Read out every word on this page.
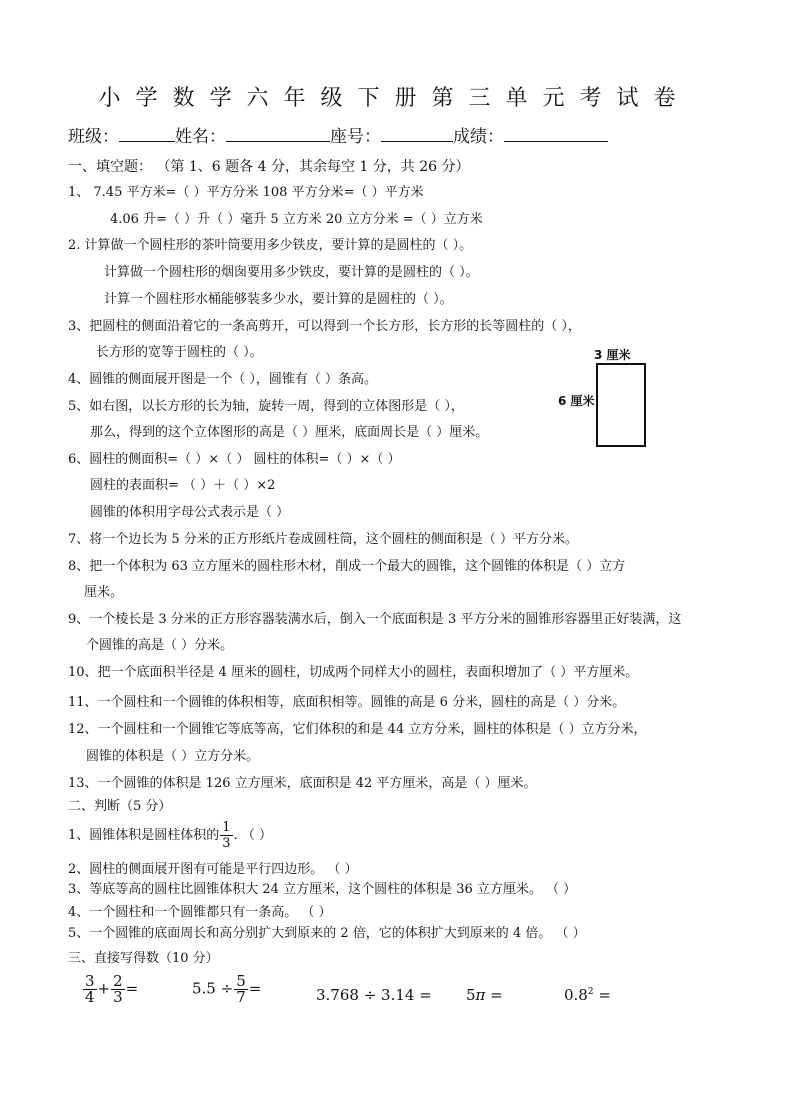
小学数学六年级下册第三单元考试卷
班级：	姓名：	座号：	成绩：
一、填空题： （第 1、6 题各 4 分，其余每空 1 分，共 26 分）
1、 7.45 平方米=（ ）平方分米 108 平方分米=（ ）平方米
4.06 升=（ ）升（ ）毫升 5 立方米 20 立方分米 =（ ）立方米
2. 计算做一个圆柱形的茶叶筒要用多少铁皮，要计算的是圆柱的（ ）。
计算做一个圆柱形的烟囱要用多少铁皮，要计算的是圆柱的（ ）。
计算一个圆柱形水桶能够装多少水，要计算的是圆柱的（ ）。
3、把圆柱的侧面沿着它的一条高剪开，可以得到一个长方形，长方形的长等圆柱的（ ），
长方形的宽等于圆柱的（ ）。
4、圆锥的侧面展开图是一个（ ），圆锥有（ ）条高。
5、如右图，以长方形的长为轴，旋转一周，得到的立体图形是（ ），
那么，得到的这个立体图形的高是（ ）厘米，底面周长是（ ）厘米。
6、圆柱的侧面积=（ ）×（ ） 圆柱的体积=（ ）×（ ）
圆柱的表面积= （ ）＋（ ）×2
圆锥的体积用字母公式表示是（ ）
7、将一个边长为 5 分米的正方形纸片卷成圆柱筒，这个圆柱的侧面积是（ ）平方分米。
8、把一个体积为 63 立方厘米的圆柱形木材，削成一个最大的圆锥，这个圆锥的体积是（ ）立方
厘米。
9、一个棱长是 3 分米的正方形容器装满水后，倒入一个底面积是 3 平方分米的圆锥形容器里正好装满，这
个圆锥的高是（ ）分米。
10、把一个底面积半径是 4 厘米的圆柱，切成两个同样大小的圆柱，表面积增加了（ ）平方厘米。
11、一个圆柱和一个圆锥的体积相等，底面积相等。圆锥的高是 6 分米，圆柱的高是（ ）分米。
12、一个圆柱和一个圆锥它等底等高，它们体积的和是 44 立方分米，圆柱的体积是（ ）立方分米，
圆锥的体积是（ ）立方分米。
13、一个圆锥的体积是 126 立方厘米，底面积是 42 平方厘米，高是（ ）厘米。
3 厘米
6 厘米
二、判断（5 分）
1、圆锥体积是圆柱体积的 $\frac{1}{3}$ . （ ）
2、圆柱的侧面展开图有可能是平行四边形。 （ ）
3、等底等高的圆柱比圆锥体积大 24 立方厘米，这个圆柱的体积是 36 立方厘米。 （ ）
4、一个圆柱和一个圆锥都只有一条高。 （ ）
5、一个圆锥的底面周长和高分别扩大到原来的 2 倍，它的体积扩大到原来的 4 倍。 （ ）
三、直接写得数（10 分）
$\frac{3}{4} + \frac{2}{3}$ =	$5.5 \div \frac{5}{7}$ =	3.768 ÷ 3.14 = 5π =	$0.8^2$ =
